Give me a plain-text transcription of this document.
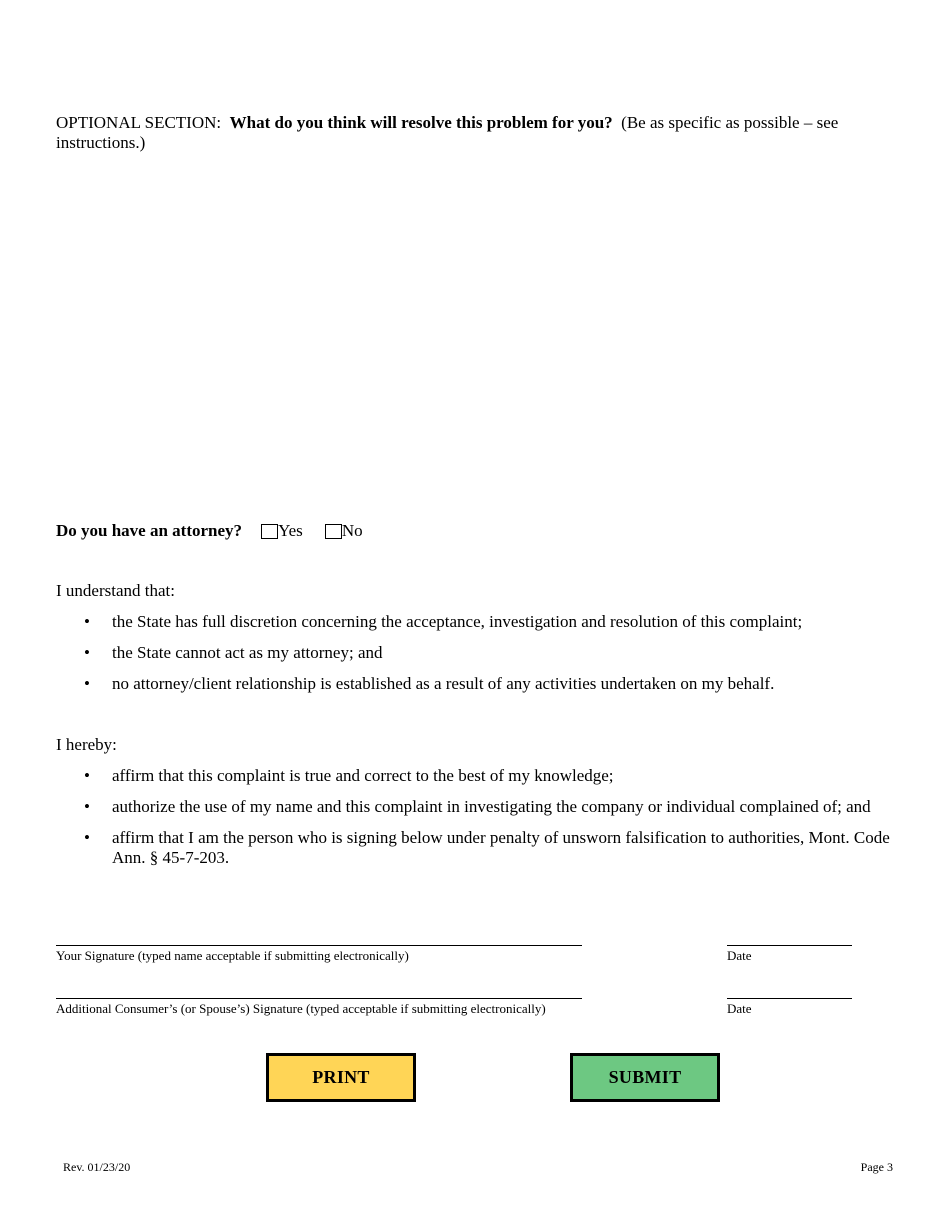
OPTIONAL SECTION:  What do you think will resolve this problem for you?  (Be as specific as possible – see instructions.)
Do you have an attorney? Yes No
I understand that:
• the State has full discretion concerning the acceptance, investigation and resolution of this complaint;
• the State cannot act as my attorney; and
• no attorney/client relationship is established as a result of any activities undertaken on my behalf.
I hereby:
• affirm that this complaint is true and correct to the best of my knowledge;
• authorize the use of my name and this complaint in investigating the company or individual complained of; and
• affirm that I am the person who is signing below under penalty of unsworn falsification to authorities, Mont. Code Ann. § 45-7-203.
Your Signature (typed name acceptable if submitting electronically)	Date
Additional Consumer’s (or Spouse’s) Signature (typed acceptable if submitting electronically)	Date
PRINT	SUBMIT
Rev. 01/23/20	Page 3
